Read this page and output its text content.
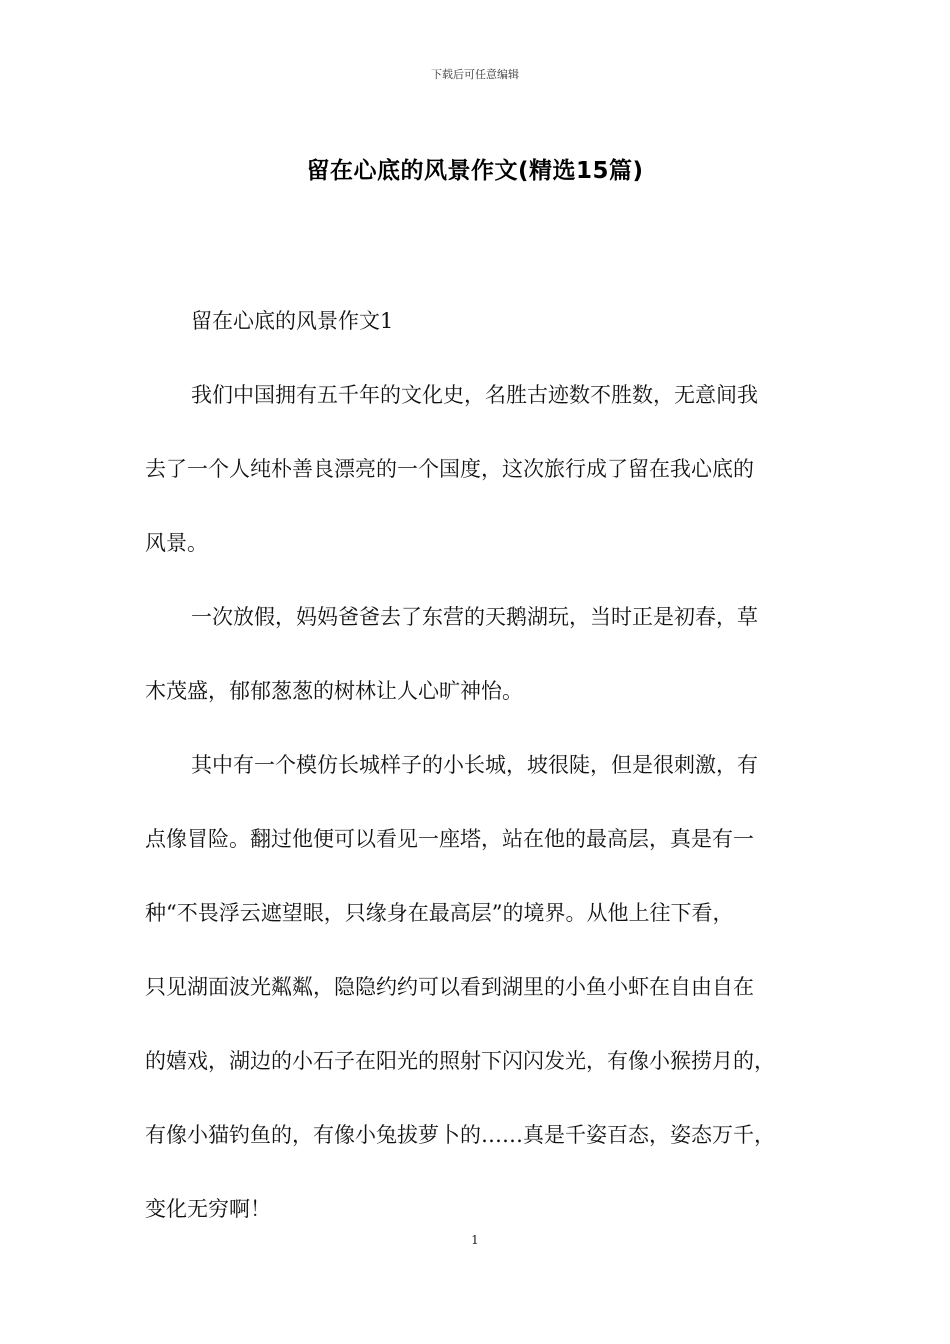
下载后可任意编辑
留在心底的风景作文(精选15篇)

留在心底的风景作文1

我们中国拥有五千年的文化史，名胜古迹数不胜数，无意间我
去了一个人纯朴善良漂亮的一个国度，这次旅行成了留在我心底的
风景。

一次放假，妈妈爸爸去了东营的天鹅湖玩，当时正是初春，草
木茂盛，郁郁葱葱的树林让人心旷神怡。

其中有一个模仿长城样子的小长城，坡很陡，但是很刺激，有
点像冒险。翻过他便可以看见一座塔，站在他的最高层，真是有一
种“不畏浮云遮望眼，只缘身在最高层”的境界。从他上往下看，
只见湖面波光粼粼，隐隐约约可以看到湖里的小鱼小虾在自由自在
的嬉戏，湖边的小石子在阳光的照射下闪闪发光，有像小猴捞月的，
有像小猫钓鱼的，有像小兔拔萝卜的……真是千姿百态，姿态万千，
变化无穷啊！

1
